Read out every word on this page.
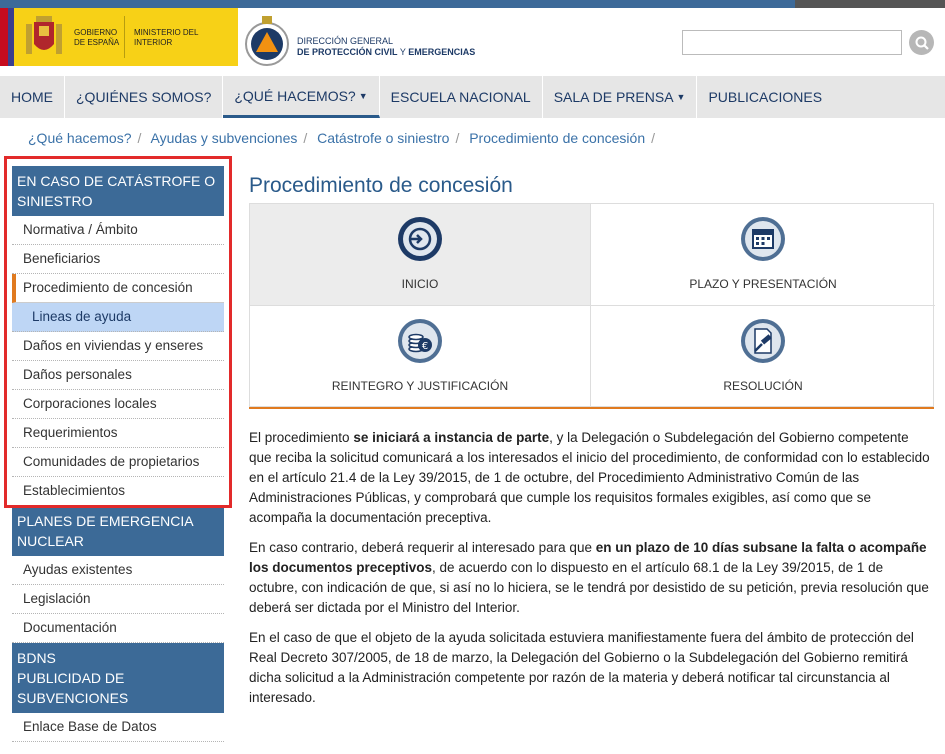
GOBIERNO DE ESPAÑA
MINISTERIO DEL INTERIOR	DIRECCIÓN GENERAL
DE PROTECCIÓN CIVIL Y EMERGENCIAS
HOME ¿QUIÉNES SOMOS? ¿QUÉ HACEMOS? ▼ ESCUELA NACIONAL SALA DE PRENSA ▼ PUBLICACIONES
¿Qué hacemos? / Ayudas y subvenciones / Catástrofe o siniestro / Procedimiento de concesión /
EN CASO DE CATÁSTROFE O SINIESTRO
Normativa / Ámbito
Beneficiarios
Procedimiento de concesión
Lineas de ayuda
Daños en viviendas y enseres
Daños personales
Corporaciones locales
Requerimientos
Comunidades de propietarios
Establecimientos
PLANES DE EMERGENCIA NUCLEAR
Ayudas existentes
Legislación
Documentación
BDNS
PUBLICIDAD DE SUBVENCIONES
Enlace Base de Datos
Procedimiento de concesión
INICIO	PLAZO Y PRESENTACIÓN
€
REINTEGRO Y JUSTIFICACIÓN	RESOLUCIÓN

El procedimiento se iniciará a instancia de parte, y la Delegación o Subdelegación del Gobierno competente que reciba la solicitud comunicará a los interesados el inicio del procedimiento, de conformidad con lo establecido en el artículo 21.4 de la Ley 39/2015, de 1 de octubre, del Procedimiento Administrativo Común de las Administraciones Públicas, y comprobará que cumple los requisitos formales exigibles, así como que se acompaña la documentación preceptiva.

En caso contrario, deberá requerir al interesado para que en un plazo de 10 días subsane la falta o acompañe los documentos preceptivos, de acuerdo con lo dispuesto en el artículo 68.1 de la Ley 39/2015, de 1 de octubre, con indicación de que, si así no lo hiciera, se le tendrá por desistido de su petición, previa resolución que deberá ser dictada por el Ministro del Interior.

En el caso de que el objeto de la ayuda solicitada estuviera manifiestamente fuera del ámbito de protección del Real Decreto 307/2005, de 18 de marzo, la Delegación del Gobierno o la Subdelegación del Gobierno remitirá dicha solicitud a la Administración competente por razón de la materia y deberá notificar tal circunstancia al interesado.
